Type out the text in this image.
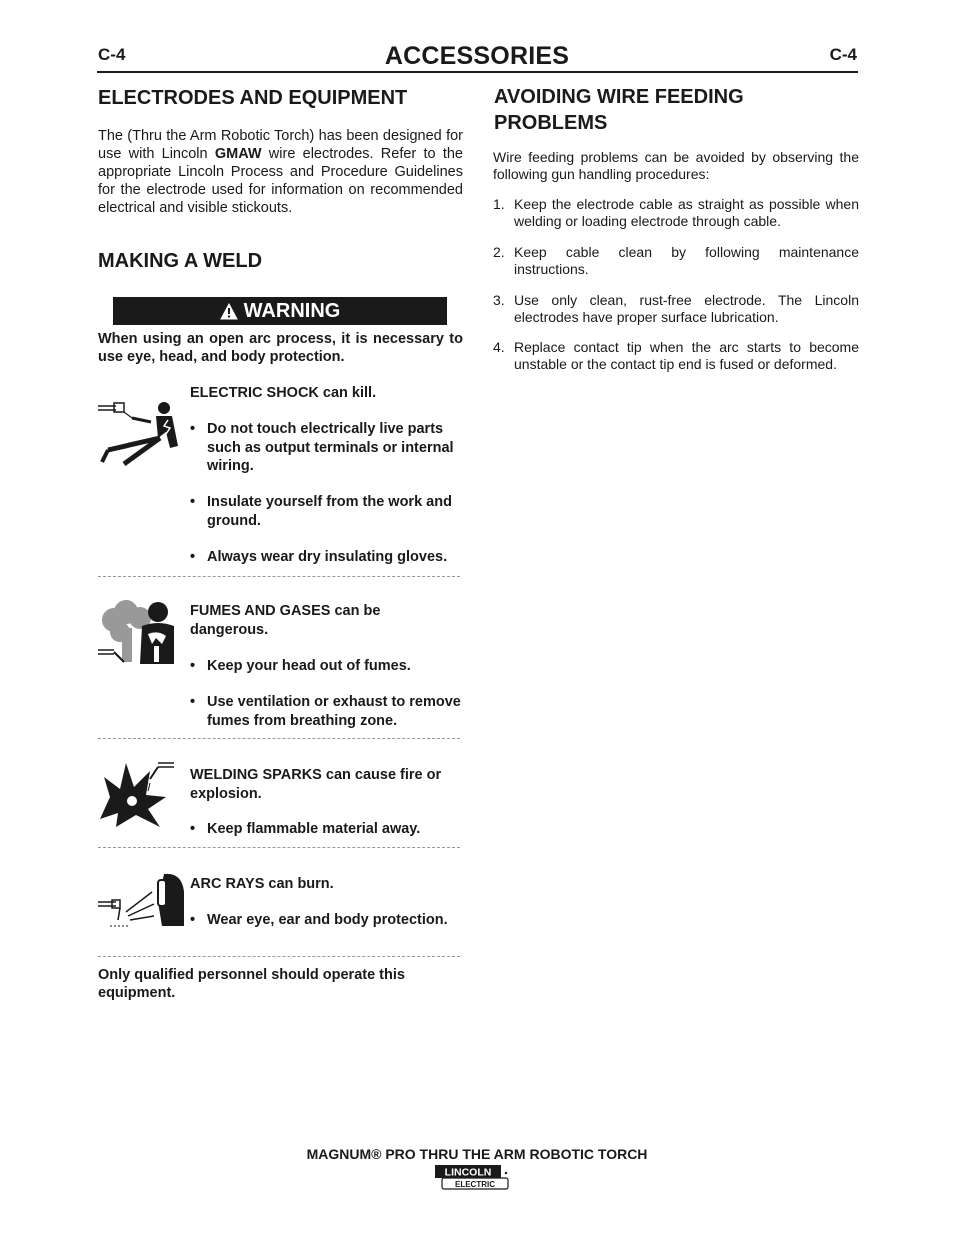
C-4	ACCESSORIES	C-4
ELECTRODES AND EQUIPMENT
The (Thru the Arm Robotic Torch) has been designed for use with Lincoln GMAW wire electrodes. Refer to the appropriate Lincoln Process and Procedure Guidelines for the electrode used for information on recommended electrical and visible stickouts.
MAKING A WELD
WARNING
When using an open arc process, it is necessary to use eye, head, and body protection.
ELECTRIC SHOCK can kill.
• Do not touch electrically live parts such as output terminals or internal wiring.
• Insulate yourself from the work and ground.
• Always wear dry insulating gloves.
FUMES AND GASES can be dangerous.
• Keep your head out of fumes.
• Use ventilation or exhaust to remove fumes from breathing zone.
WELDING SPARKS can cause fire or explosion.
• Keep flammable material away.
ARC RAYS can burn.
• Wear eye, ear and body protection.
Only qualified personnel should operate this equipment.
AVOIDING WIRE FEEDING
PROBLEMS
Wire feeding problems can be avoided by observing the following gun handling procedures:
1. Keep the electrode cable as straight as possible when welding or loading electrode through cable.
2. Keep cable clean by following maintenance instructions.
3. Use only clean, rust-free electrode. The Lincoln electrodes have proper surface lubrication.
4. Replace contact tip when the arc starts to become unstable or the contact tip end is fused or deformed.
MAGNUM® PRO THRU THE ARM ROBOTIC TORCH
LINCOLN
ELECTRIC
